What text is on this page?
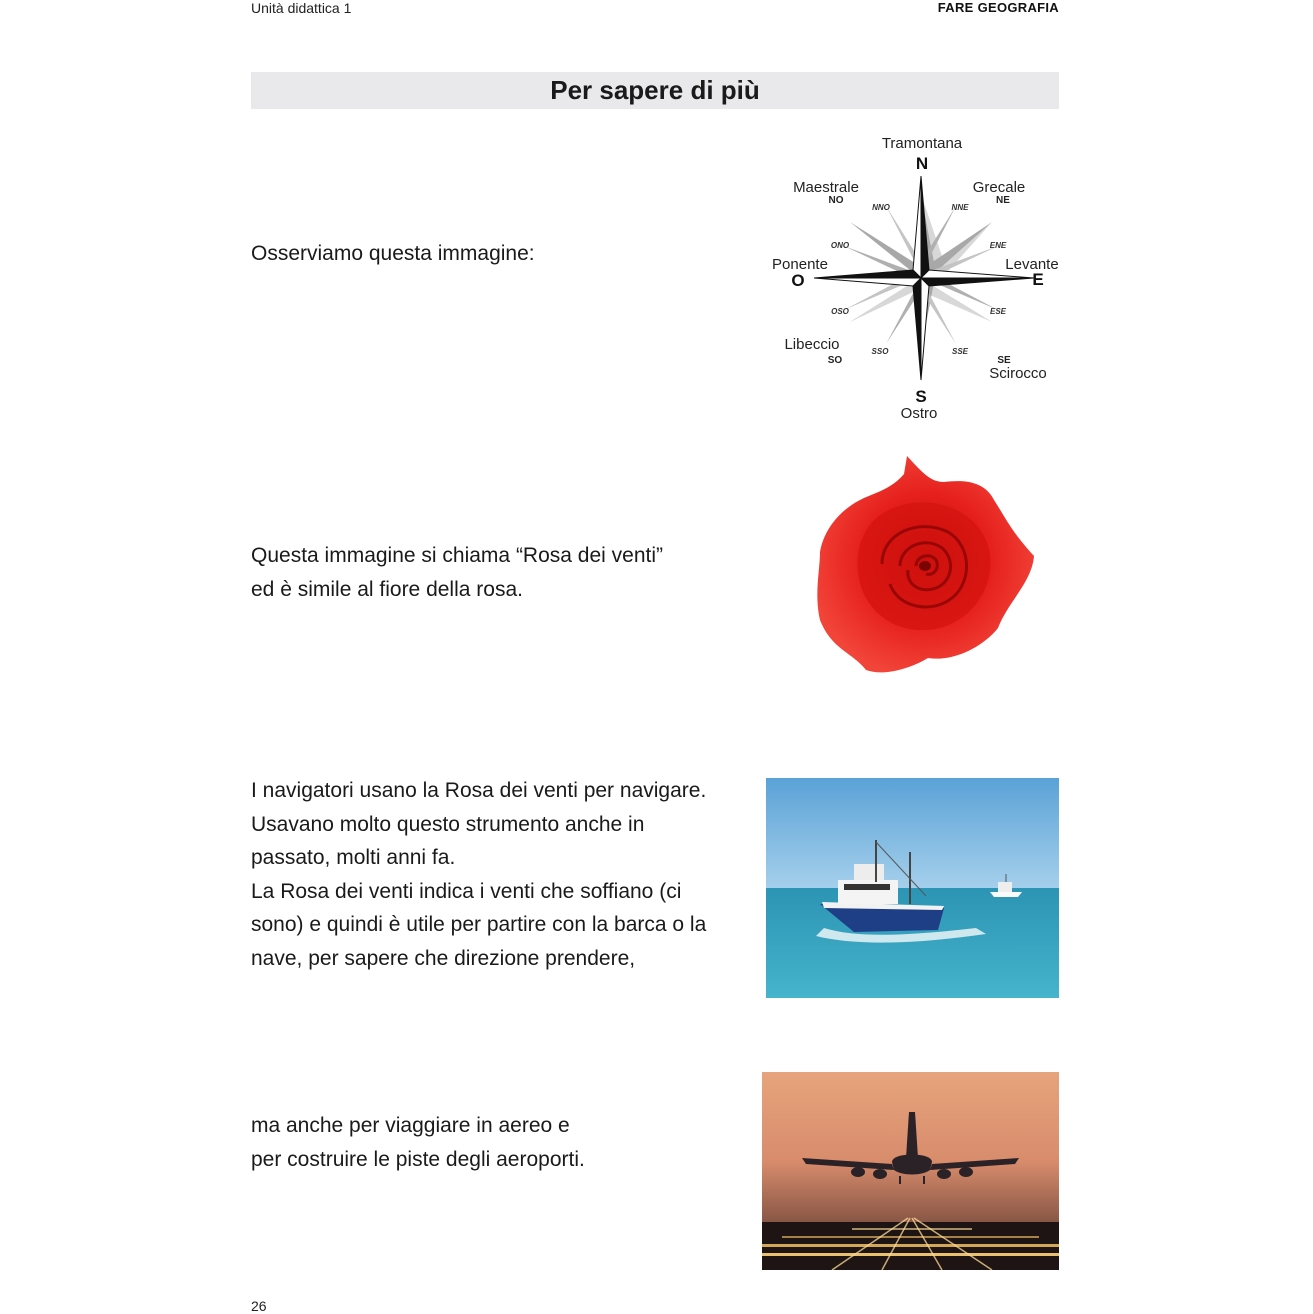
Unità didattica 1	FARE GEOGRAFIA
Per sapere di più
Osserviamo questa immagine:
Tramontana
N
Maestrale
NO
Grecale
NE
Ponente
O
Levante
E
Libeccio
SO	SE
Scirocco
S
Ostro
NNO	NNE
ONO	ENE
OSO	ESE
SSO	SSE
Questa immagine si chiama “Rosa dei venti”
ed è simile al fiore della rosa.
I navigatori usano la Rosa dei venti per navigare.
Usavano molto questo strumento anche in
passato, molti anni fa.
La Rosa dei venti indica i venti che soffiano (ci
sono) e quindi è utile per partire con la barca o la
nave, per sapere che direzione prendere,
ma anche per viaggiare in aereo e
per costruire le piste degli aeroporti.
26
